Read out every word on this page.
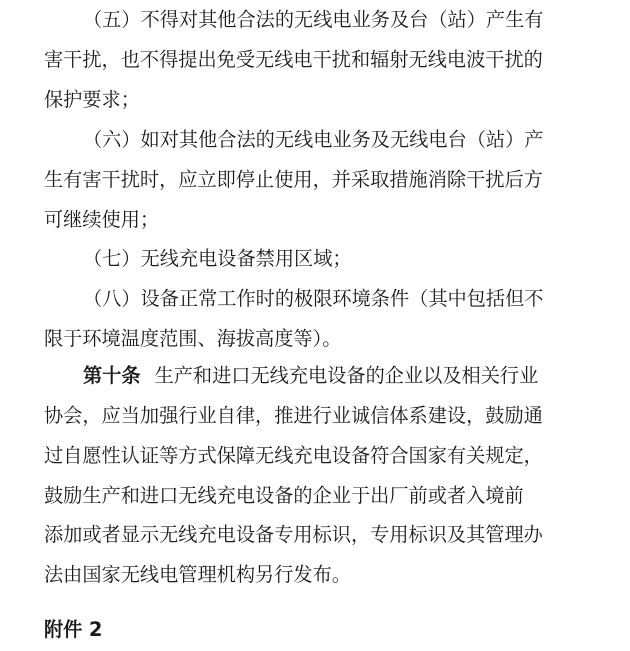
（五）不得对其他合法的无线电业务及台（站）产生有
害干扰，也不得提出免受无线电干扰和辐射无线电波干扰的
保护要求；
（六）如对其他合法的无线电业务及无线电台（站）产
生有害干扰时，应立即停止使用，并采取措施消除干扰后方
可继续使用；
（七）无线充电设备禁用区域；
（八）设备正常工作时的极限环境条件（其中包括但不
限于环境温度范围、海拔高度等）。
第十条 生产和进口无线充电设备的企业以及相关行业
协会，应当加强行业自律，推进行业诚信体系建设，鼓励通
过自愿性认证等方式保障无线充电设备符合国家有关规定，
鼓励生产和进口无线充电设备的企业于出厂前或者入境前
添加或者显示无线充电设备专用标识，专用标识及其管理办
法由国家无线电管理机构另行发布。
附件 2
